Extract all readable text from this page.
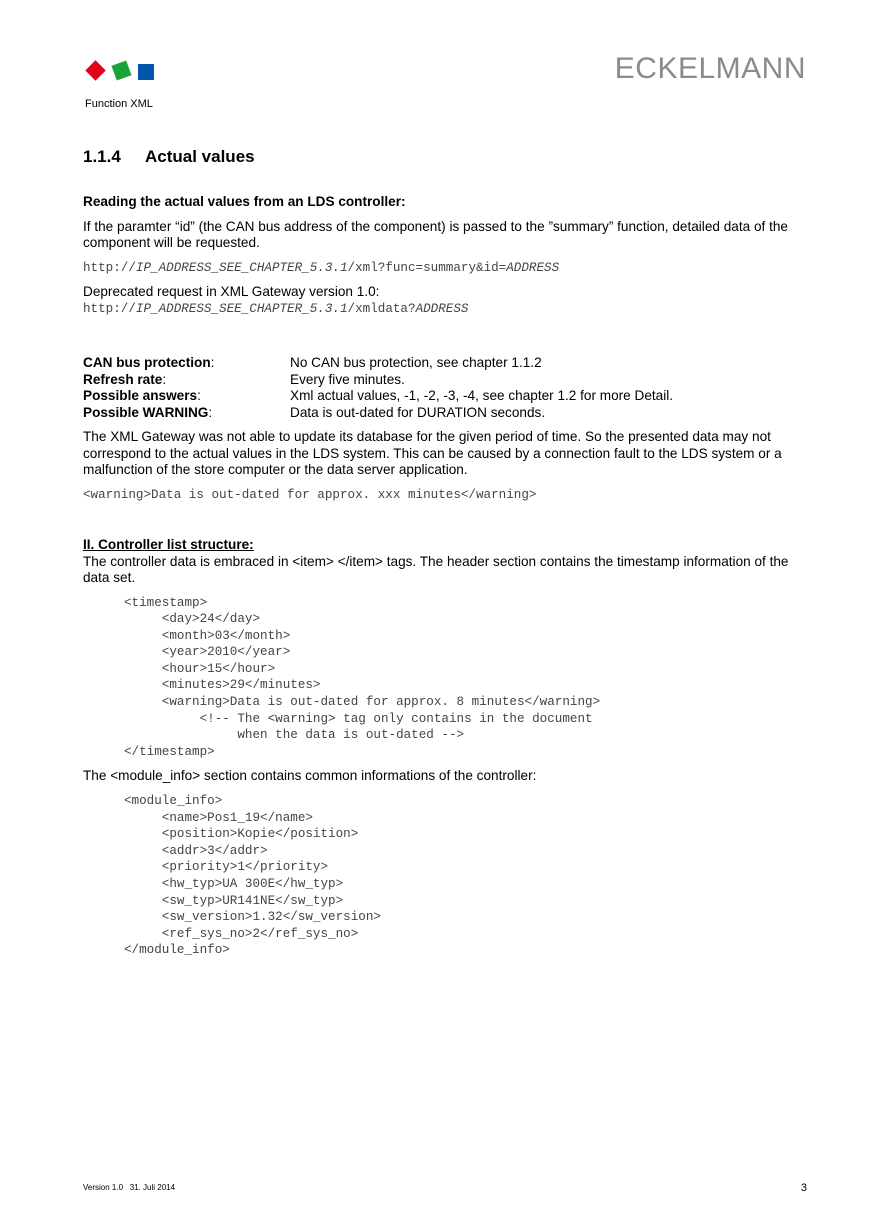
ECKELMANN
Function XML
1.1.4 Actual values

Reading the actual values from an LDS controller:

If the paramter “id” (the CAN bus address of the component) is passed to the ”summary” function, detailed data of the component will be requested.

http://IP_ADDRESS_SEE_CHAPTER_5.3.1/xml?func=summary&id=ADDRESS

Deprecated request in XML Gateway version 1.0:

http://IP_ADDRESS_SEE_CHAPTER_5.3.1/xmldata?ADDRESS

CAN bus protection:	No CAN bus protection, see chapter 1.1.2
Refresh rate:	Every five minutes.
Possible answers:	Xml actual values, -1, -2, -3, -4, see chapter 1.2 for more Detail.
Possible WARNING:	Data is out-dated for DURATION seconds.

The XML Gateway was not able to update its database for the given period of time. So the presented data may not correspond to the actual values in the LDS system. This can be caused by a connection fault to the LDS system or a malfunction of the store computer or the data server application.

<warning>Data is out-dated for approx. xxx minutes</warning>

II. Controller list structure:

The controller data is embraced in <item> </item> tags. The header section contains the timestamp information of the data set.

<timestamp>
<day>24</day>
<month>03</month>
<year>2010</year>
<hour>15</hour>
<minutes>29</minutes>
<warning>Data is out-dated for approx. 8 minutes</warning>
<!-- The <warning> tag only contains in the document
when the data is out-dated -->
</timestamp>

The <module_info> section contains common informations of the controller:

<module_info>
<name>Pos1_19</name>
<position>Kopie</position>
<addr>3</addr>
<priority>1</priority>
<hw_typ>UA 300E</hw_typ>
<sw_typ>UR141NE</sw_typ>
<sw_version>1.32</sw_version>
<ref_sys_no>2</ref_sys_no>
</module_info>
Version 1.0   31. Juli 2014	3
